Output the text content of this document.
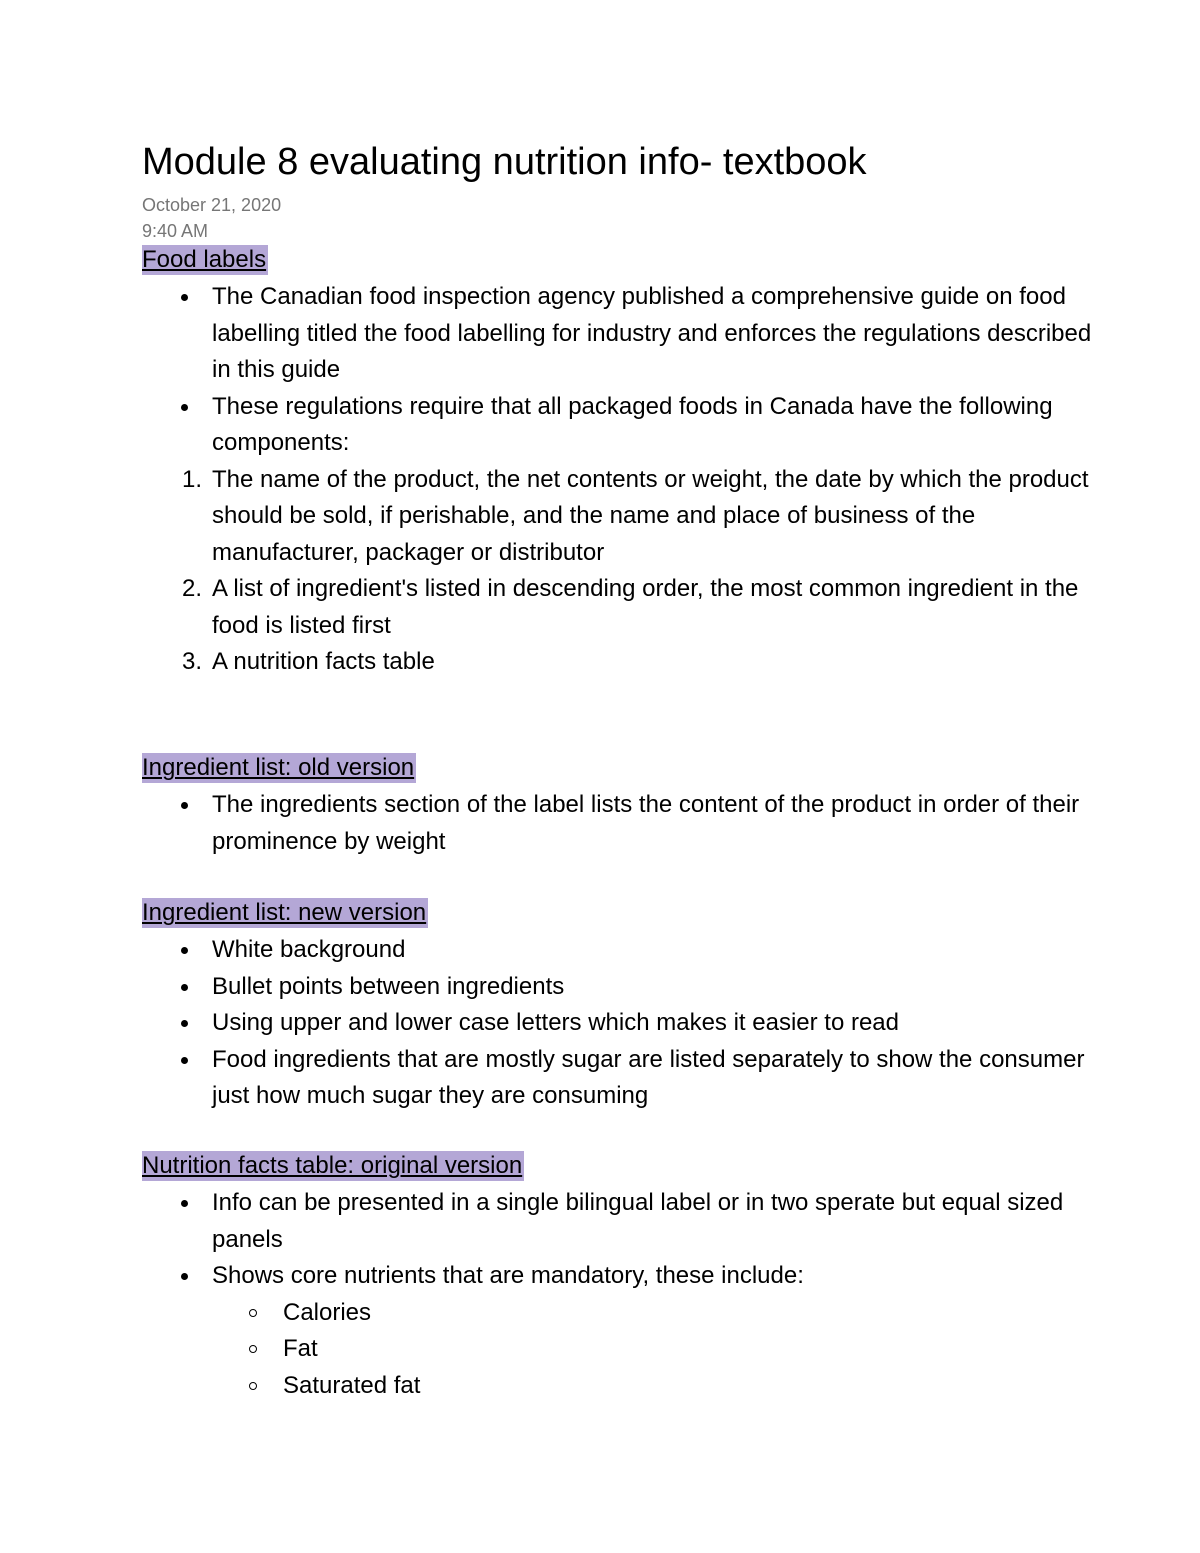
Module 8 evaluating nutrition info- textbook
October 21, 2020
9:40 AM
Food labels
The Canadian food inspection agency published a comprehensive guide on food labelling titled the food labelling for industry and enforces the regulations described in this guide
These regulations require that all packaged foods in Canada have the following components:
1. The name of the product, the net contents or weight, the date by which the product should be sold, if perishable, and the name and place of business of the manufacturer, packager or distributor
2. A list of ingredient's listed in descending order, the most common ingredient in the food is listed first
3. A nutrition facts table
Ingredient list: old version
The ingredients section of the label lists the content of the product in order of their prominence by weight
Ingredient list: new version
White background
Bullet points between ingredients
Using upper and lower case letters which makes it easier to read
Food ingredients that are mostly sugar are listed separately to show the consumer just how much sugar they are consuming
Nutrition facts table: original version
Info can be presented in a single bilingual label or in two sperate but equal sized panels
Shows core nutrients that are mandatory, these include:
Calories
Fat
Saturated fat
